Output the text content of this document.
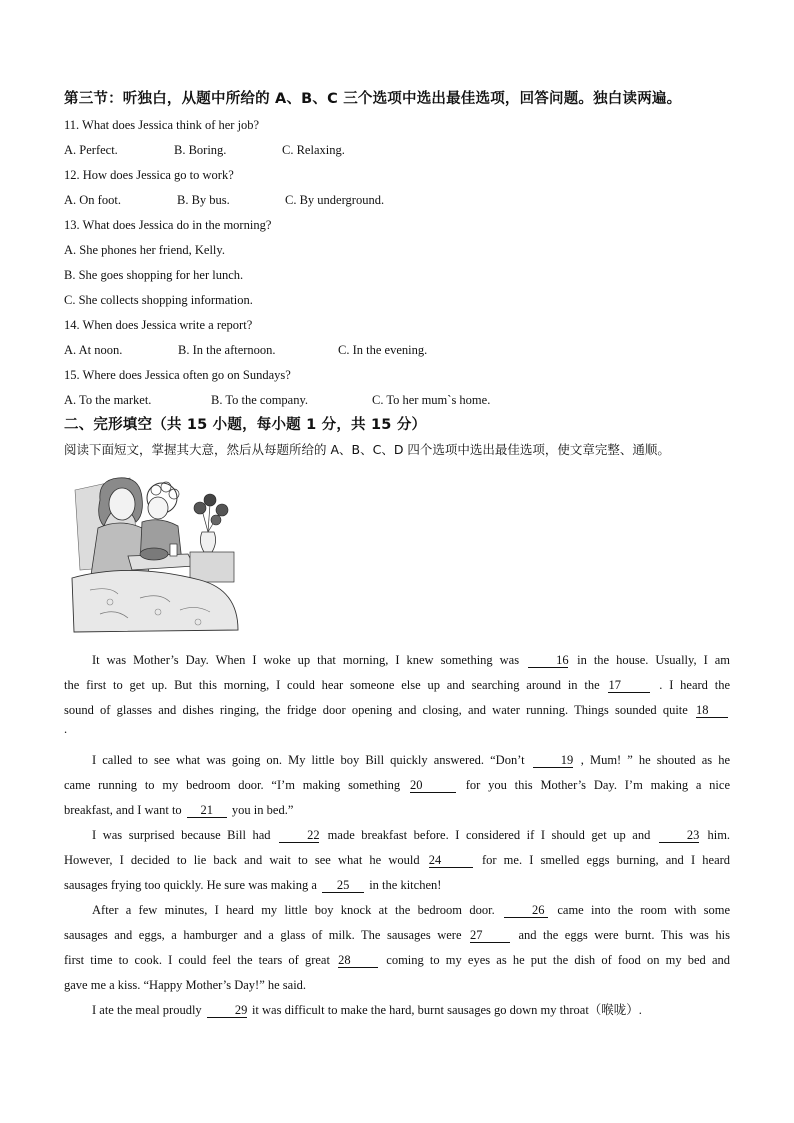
第三节：听独白，从题中所给的 A、B、C 三个选项中选出最佳选项，回答问题。独白读两遍。
11. What does Jessica think of her job?
A. Perfect.	B. Boring.	C. Relaxing.
12. How does Jessica go to work?
A. On foot.	B. By bus.	C. By underground.
13. What does Jessica do in the morning?
A. She phones her friend, Kelly.
B. She goes shopping for her lunch.
C. She collects shopping information.
14. When does Jessica write a report?
A. At noon.	B. In the afternoon.	C. In the evening.
15. Where does Jessica often go on Sundays?
A. To the market.	B. To the company.	C. To her mum`s home.
二、完形填空（共 15 小题，每小题 1 分，共 15 分）
阅读下面短文，掌握其大意，然后从每题所给的 A、B、C、D 四个选项中选出最佳选项，使文章完整、通顺。
It was Mother’s Day. When I woke up that morning, I knew something was	16 in the house. Usually, I am
the first to get up. But this morning, I could hear someone else up and searching around in the 17	. I heard the
sound of glasses and dishes ringing, the fridge door opening and closing, and water running. Things sounded quite 18
.
I called to see what was going on. My little boy Bill quickly answered. “Don’t	19 , Mum! ” he shouted as he
came running to my bedroom door. “I’m making something 20	for you this Mother’s Day. I’m making a nice
breakfast, and I want to 21 you in bed.”
I was surprised because Bill had	22 made breakfast before. I considered if I should get up and	23 him.
However, I decided to lie back and wait to see what he would 24	for me. I smelled eggs burning, and I heard
sausages frying too quickly. He sure was making a 25 in the kitchen!
After a few minutes, I heard my little boy knock at the bedroom door.	26 came into the room with some
sausages and eggs, a hamburger and a glass of milk. The sausages were 27	and the eggs were burnt. This was his
first time to cook. I could feel the tears of great 28	coming to my eyes as he put the dish of food on my bed and
gave me a kiss. “Happy Mother’s Day!” he said.
I ate the meal proudly	29 it was difficult to make the hard, burnt sausages go down my throat（喉咙）.
